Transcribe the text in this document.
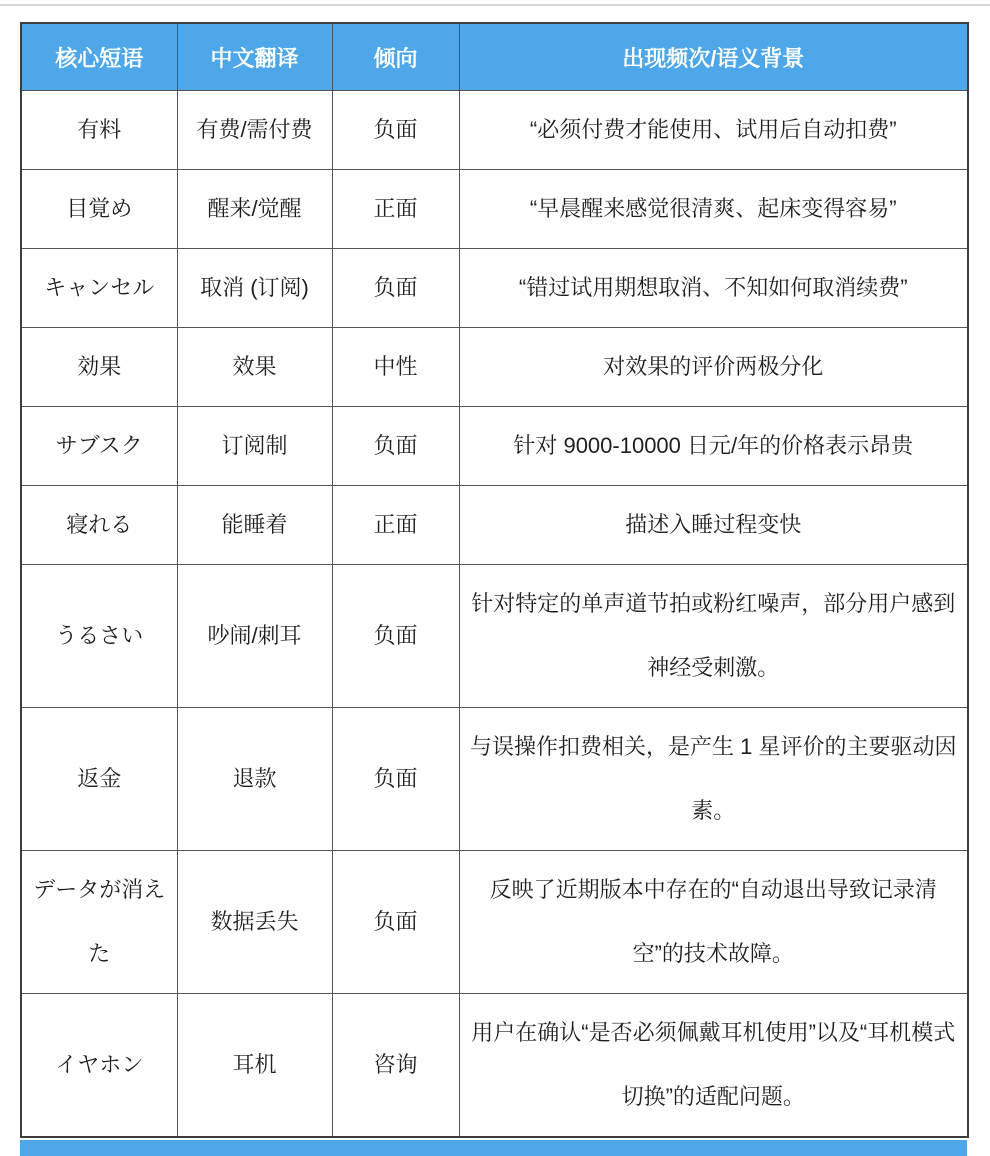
核心短语	中文翻译	倾向	出现频次/语义背景
有料	有费/需付费	负面	“必须付费才能使用、试用后自动扣费”
目覚め	醒来/觉醒	正面	“早晨醒来感觉很清爽、起床变得容易”
キャンセル	取消 (订阅)	负面	“错过试用期想取消、不知如何取消续费”
効果	效果	中性	对效果的评价两极分化
サブスク	订阅制	负面	针对 9000-10000 日元/年的价格表示昂贵
寝れる	能睡着	正面	描述入睡过程变快
うるさい	吵闹/刺耳	负面	针对特定的单声道节拍或粉红噪声，部分用户感到神经受刺激。
返金	退款	负面	与误操作扣费相关，是产生 1 星评价的主要驱动因素。
データが消えた	数据丢失	负面	反映了近期版本中存在的“自动退出导致记录清空”的技术故障。
イヤホン	耳机	咨询	用户在确认“是否必须佩戴耳机使用”以及“耳机模式切换”的适配问题。
